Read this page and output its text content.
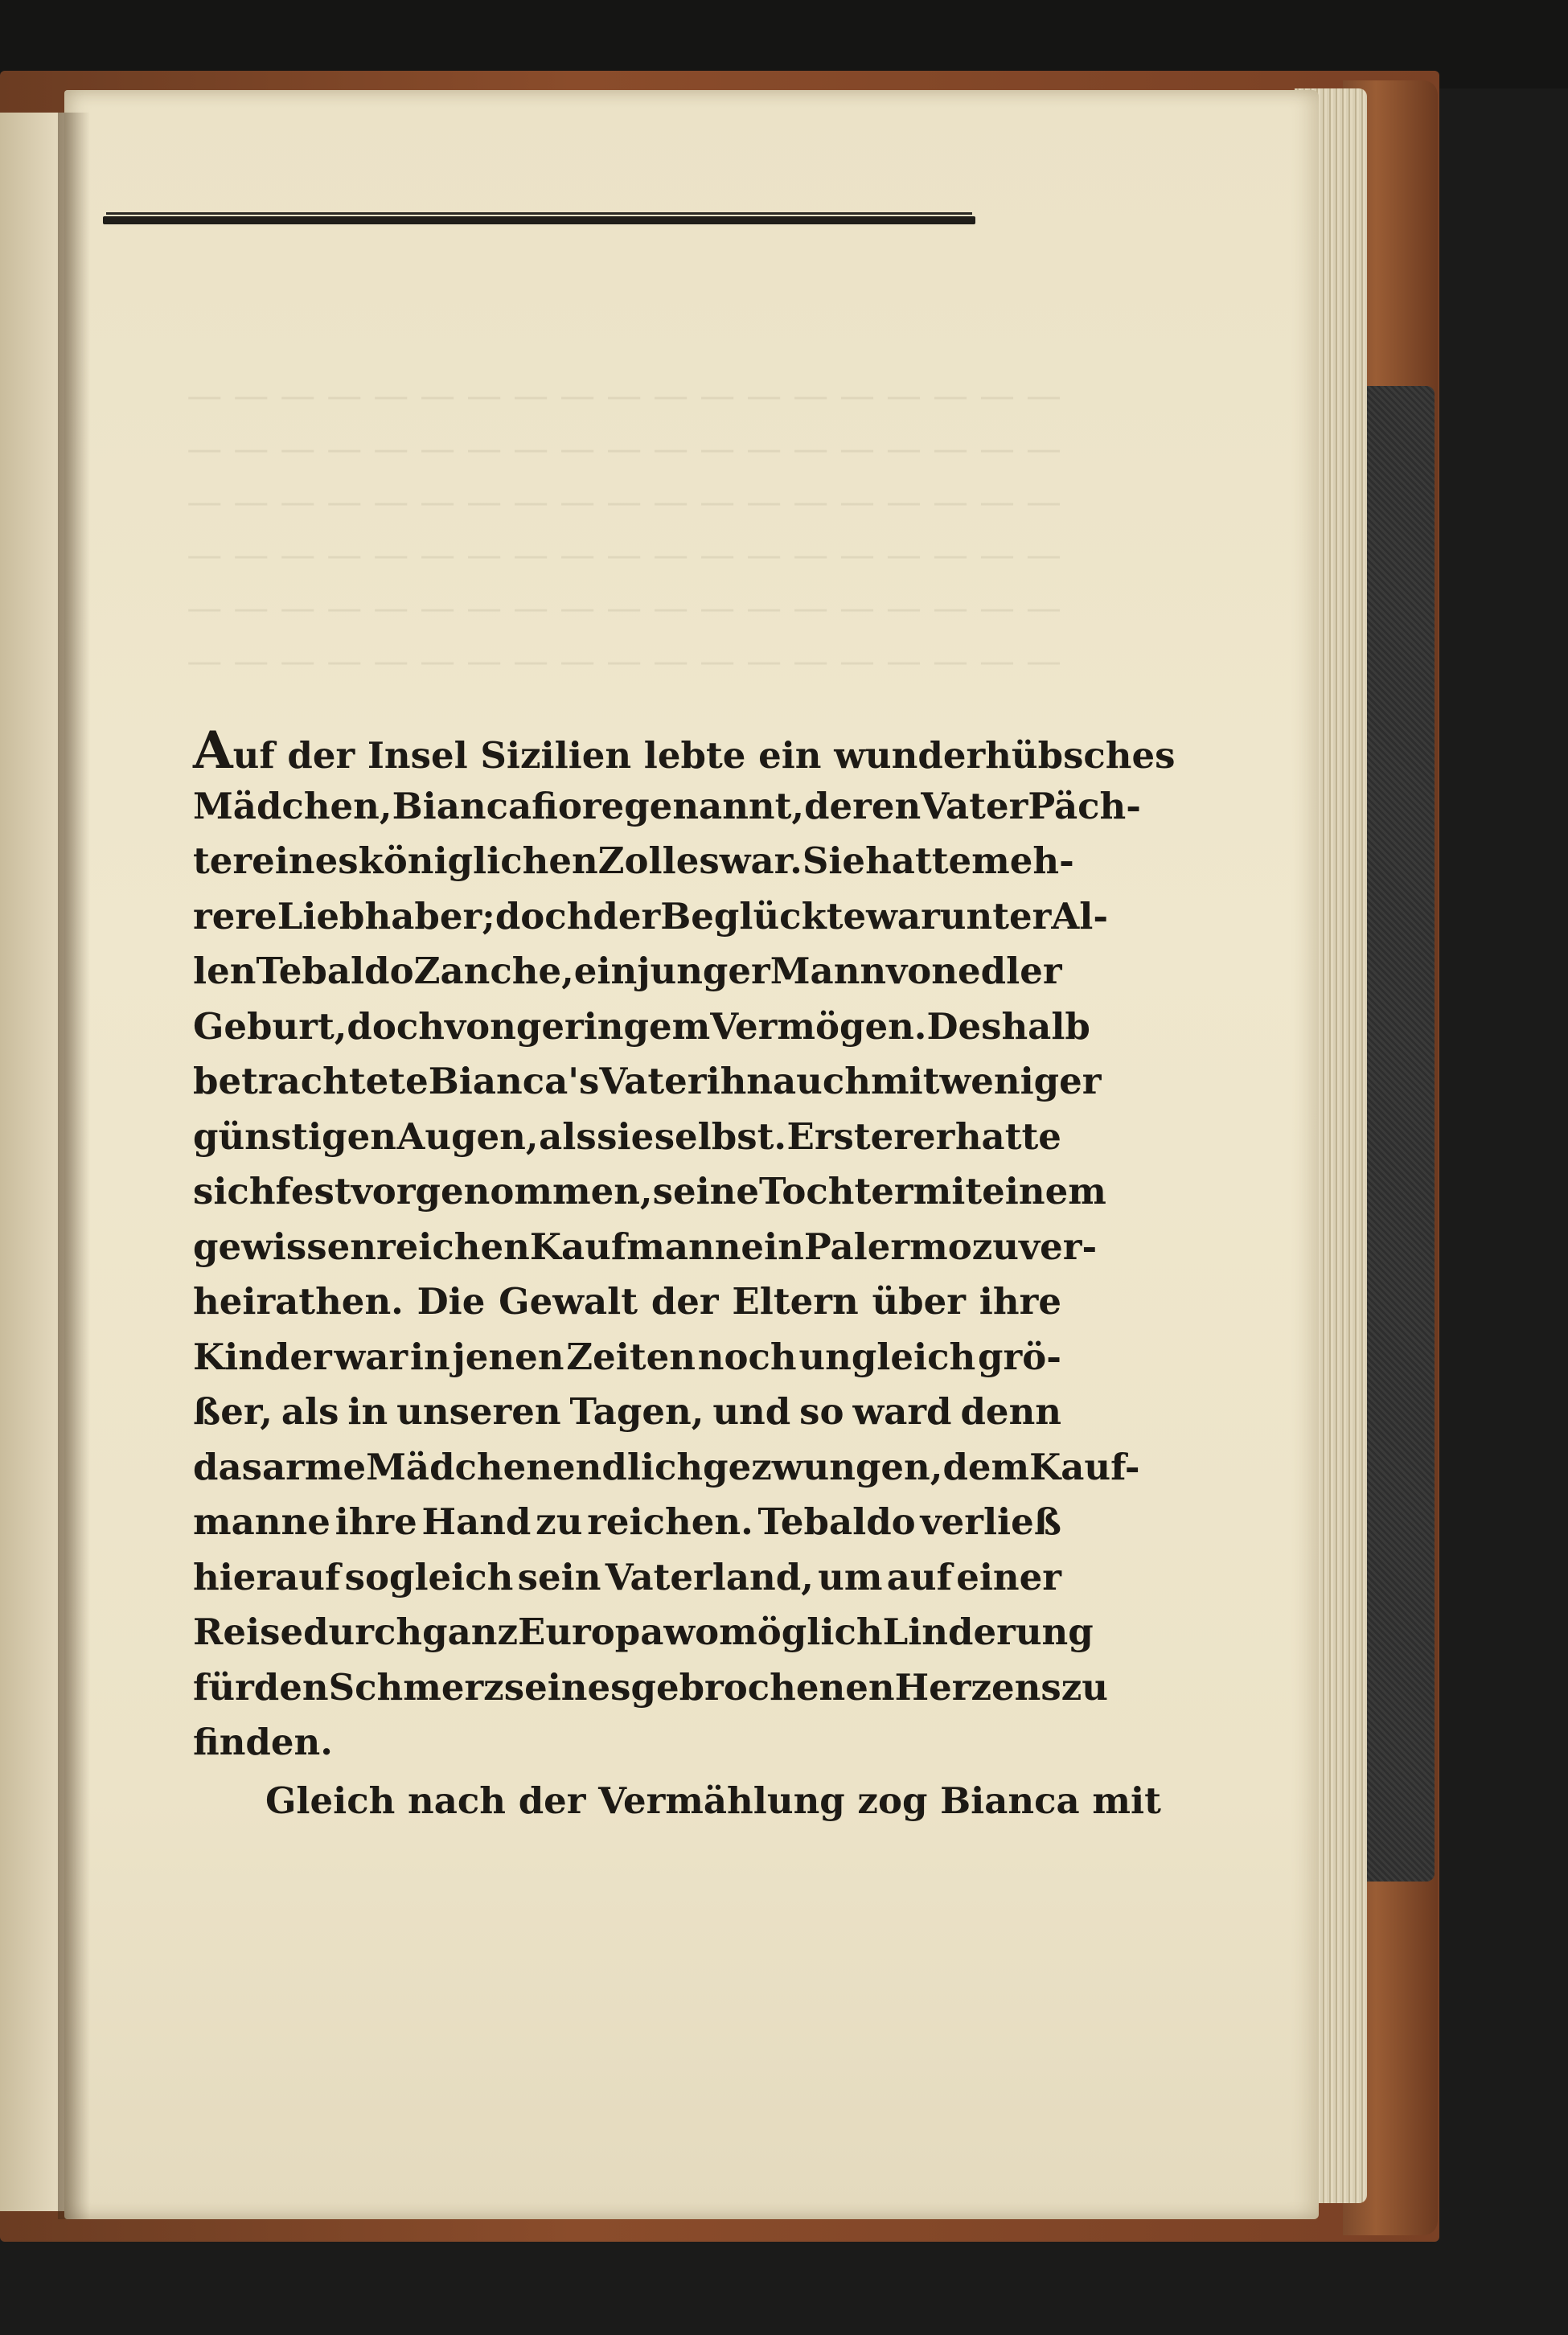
— — — — — — — — — — — — — — — — — — —
— — — — — — — — — — — — — — — — — — —
— — — — — — — — — — — — — — — — — — —
— — — — — — — — — — — — — — — — — — —
— — — — — — — — — — — — — — — — — — —
— — — — — — — — — — — — — — — — — — —
Auf der Insel Sizilien lebte ein wunderhübsches
Mädchen, Biancafiore genannt, deren Vater Päch-
ter eines königlichen Zolles war. Sie hatte meh-
rere Liebhaber; doch der Beglückte war unter Al-
len Tebaldo Zanche, ein junger Mann von edler
Geburt, doch von geringem Vermögen. Deshalb
betrachtete Bianca's Vater ihn auch mit weniger
günstigen Augen, als sie selbst. Ersterer hatte
sich fest vorgenommen, seine Tochter mit einem
gewissen reichen Kaufmanne in Palermo zu ver-
heirathen. Die Gewalt der Eltern über ihre
Kinder war in jenen Zeiten noch ungleich grö-
ßer, als in unseren Tagen, und so ward denn
das arme Mädchen endlich gezwungen, dem Kauf-
manne ihre Hand zu reichen. Tebaldo verließ
hierauf sogleich sein Vaterland, um auf einer
Reise durch ganz Europa wo möglich Linderung
für den Schmerz seines gebrochenen Herzens zu
finden.
Gleich nach der Vermählung zog Bianca mit
